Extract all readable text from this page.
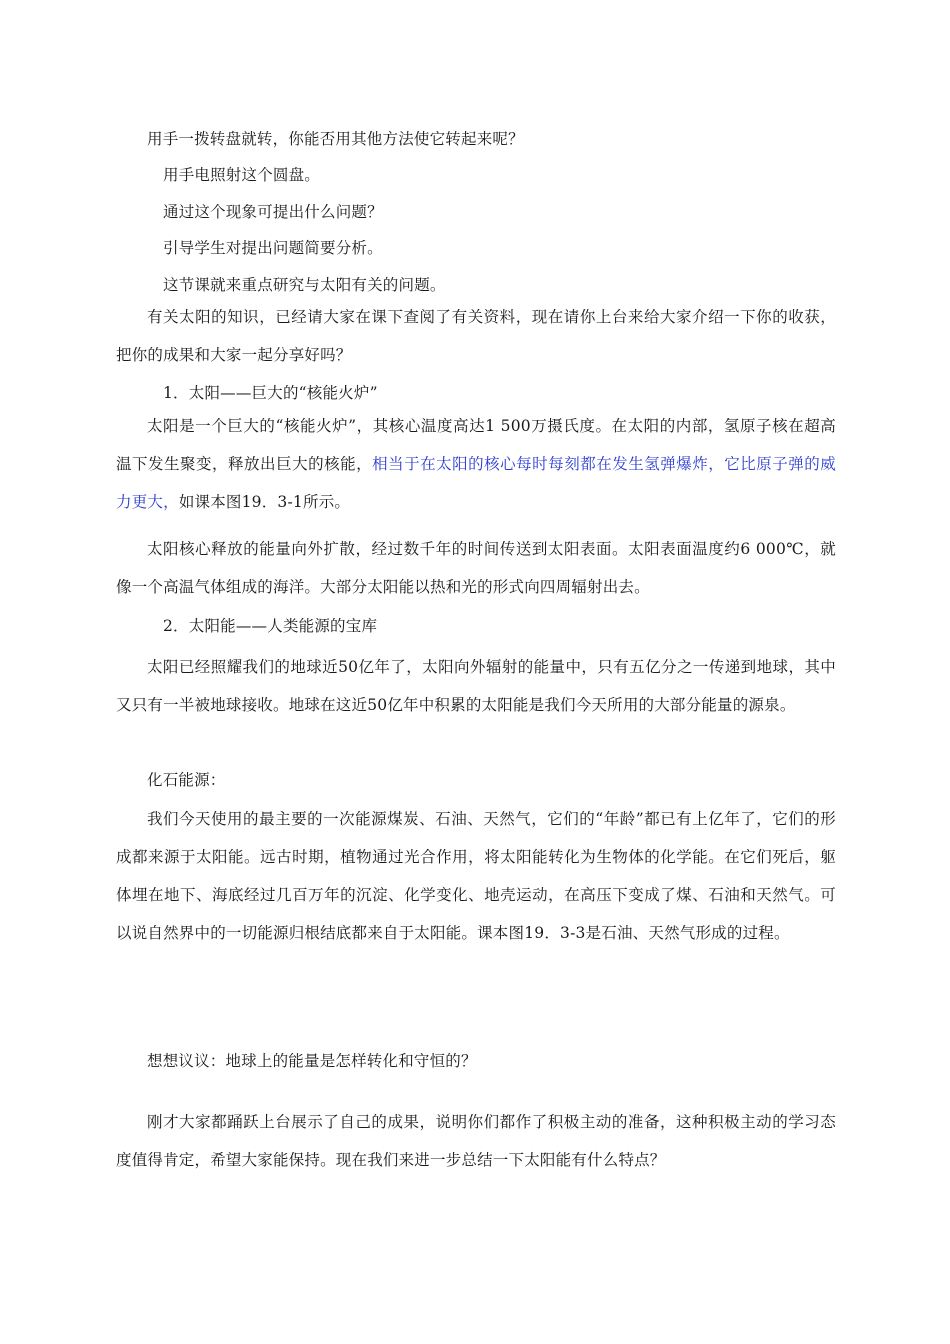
用手一拨转盘就转，你能否用其他方法使它转起来呢？
用手电照射这个圆盘。
通过这个现象可提出什么问题？
引导学生对提出问题简要分析。
这节课就来重点研究与太阳有关的问题。
有关太阳的知识，已经请大家在课下查阅了有关资料，现在请你上台来给大家介绍一下你的收获，把你的成果和大家一起分享好吗？
1．太阳——巨大的“核能火炉”
太阳是一个巨大的“核能火炉”，其核心温度高达1 500万摄氏度。在太阳的内部，氢原子核在超高温下发生聚变，释放出巨大的核能，相当于在太阳的核心每时每刻都在发生氢弹爆炸，它比原子弹的威力更大，如课本图19．3-1所示。
太阳核心释放的能量向外扩散，经过数千年的时间传送到太阳表面。太阳表面温度约6 000℃，就像一个高温气体组成的海洋。大部分太阳能以热和光的形式向四周辐射出去。
2．太阳能——人类能源的宝库
太阳已经照耀我们的地球近50亿年了，太阳向外辐射的能量中，只有五亿分之一传递到地球，其中又只有一半被地球接收。地球在这近50亿年中积累的太阳能是我们今天所用的大部分能量的源泉。
化石能源：
我们今天使用的最主要的一次能源煤炭、石油、天然气，它们的“年龄”都已有上亿年了，它们的形成都来源于太阳能。远古时期，植物通过光合作用，将太阳能转化为生物体的化学能。在它们死后，躯体埋在地下、海底经过几百万年的沉淀、化学变化、地壳运动，在高压下变成了煤、石油和天然气。可以说自然界中的一切能源归根结底都来自于太阳能。课本图19．3-3是石油、天然气形成的过程。
想想议议：地球上的能量是怎样转化和守恒的？
刚才大家都踊跃上台展示了自己的成果，说明你们都作了积极主动的准备，这种积极主动的学习态度值得肯定，希望大家能保持。现在我们来进一步总结一下太阳能有什么特点？
